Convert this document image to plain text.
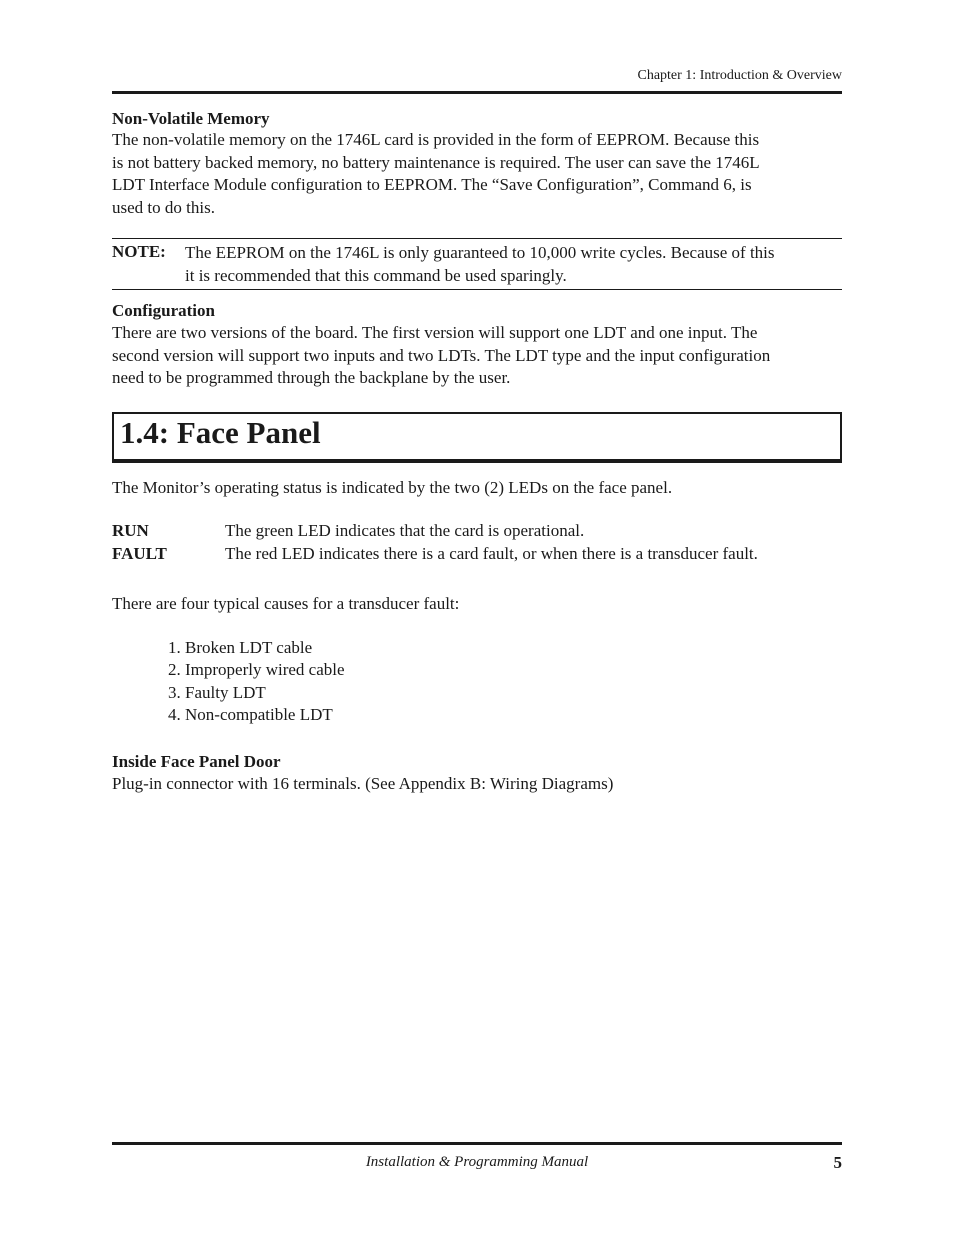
Chapter 1: Introduction & Overview
Non-Volatile Memory
The non-volatile memory on the 1746L card is provided in the form of EEPROM. Because this
is not battery backed memory, no battery maintenance is required. The user can save the 1746L
LDT Interface Module configuration to EEPROM. The “Save Configuration”, Command 6, is
used to do this.
NOTE: The EEPROM on the 1746L is only guaranteed to 10,000 write cycles. Because of this
it is recommended that this command be used sparingly.
Configuration
There are two versions of the board. The first version will support one LDT and one input. The
second version will support two inputs and two LDTs. The LDT type and the input configuration
need to be programmed through the backplane by the user.
1.4: Face Panel
The Monitor’s operating status is indicated by the two (2) LEDs on the face panel.
RUN	The green LED indicates that the card is operational.
FAULT	The red LED indicates there is a card fault, or when there is a transducer fault.
There are four typical causes for a transducer fault:
1. Broken LDT cable
2. Improperly wired cable
3. Faulty LDT
4. Non-compatible LDT
Inside Face Panel Door
Plug-in connector with 16 terminals. (See Appendix B: Wiring Diagrams)
Installation & Programming Manual	5
